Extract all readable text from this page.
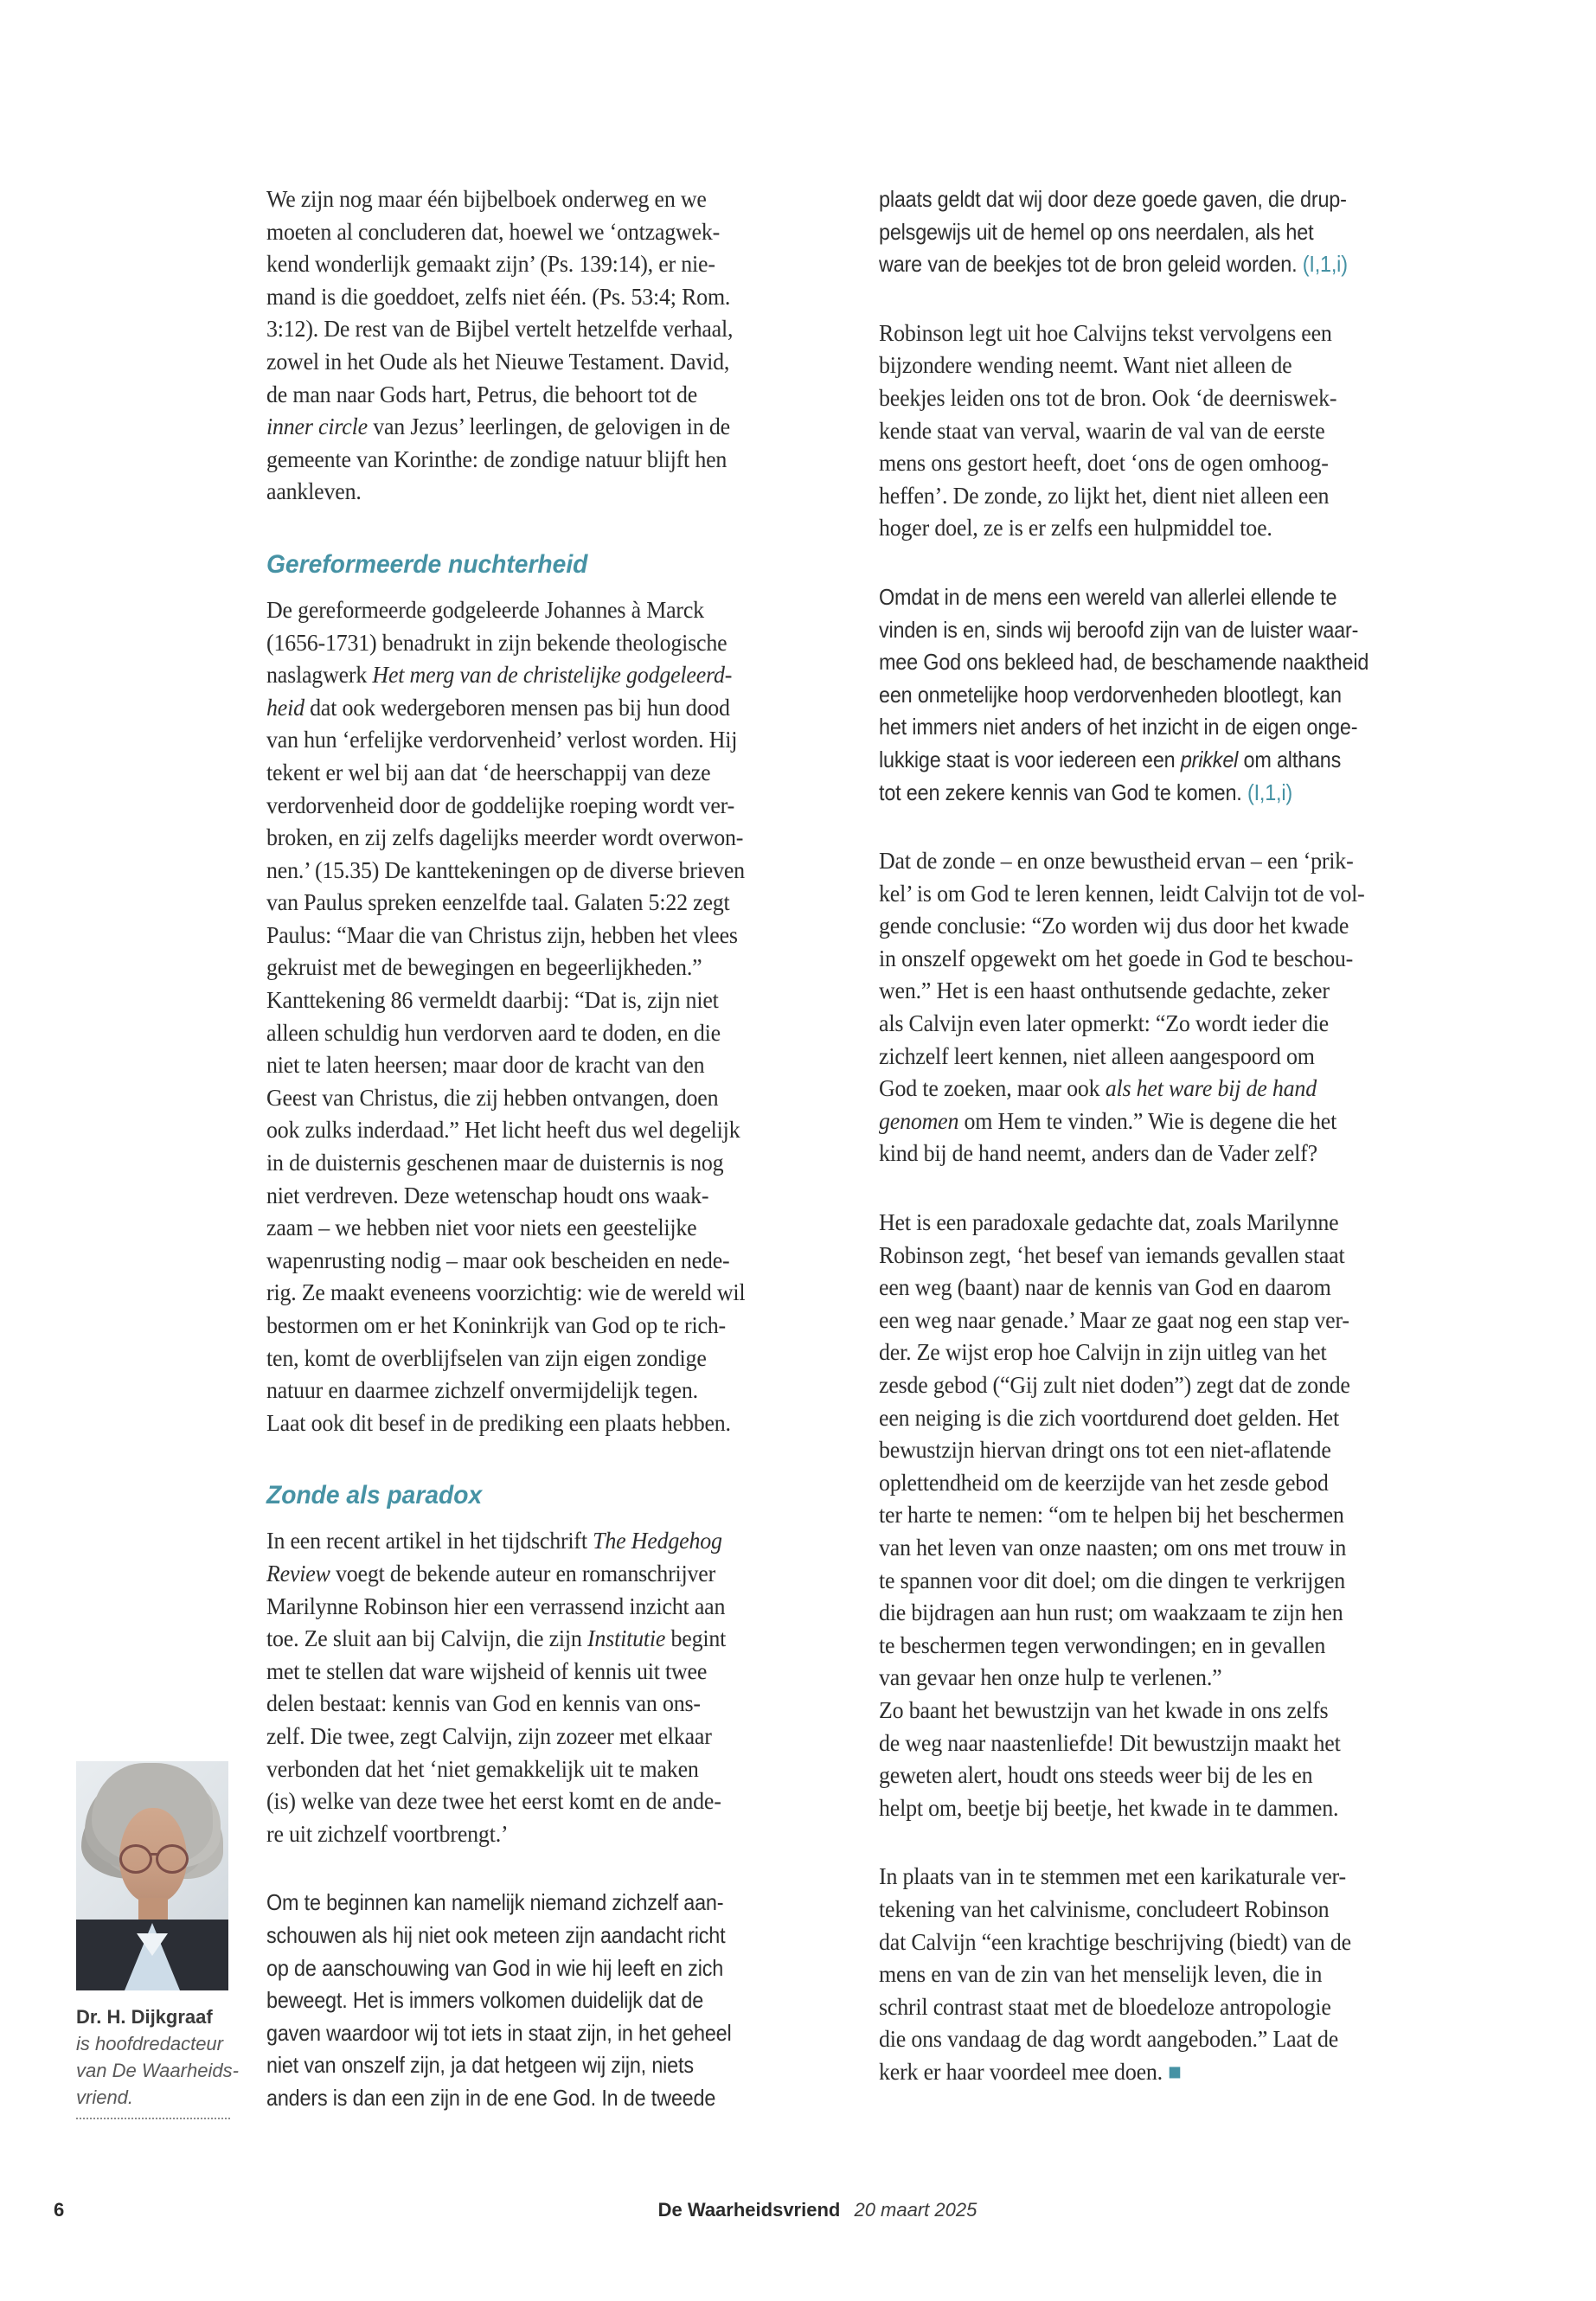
We zijn nog maar één bijbelboek onderweg en we
moeten al concluderen dat, hoewel we ‘ontzagwek-
kend wonderlijk gemaakt zijn’ (Ps. 139:14), er nie-
mand is die goeddoet, zelfs niet één. (Ps. 53:4; Rom.
3:12). De rest van de Bijbel vertelt hetzelfde verhaal,
zowel in het Oude als het Nieuwe Testament. David,
de man naar Gods hart, Petrus, die behoort tot de
inner circle van Jezus’ leerlingen, de gelovigen in de
gemeente van Korinthe: de zondige natuur blijft hen
aankleven.
Gereformeerde nuchterheid
De gereformeerde godgeleerde Johannes à Marck
(1656-1731) benadrukt in zijn bekende theologische
naslagwerk Het merg van de christelijke godgeleerd-
heid dat ook wedergeboren mensen pas bij hun dood
van hun ‘erfelijke verdorvenheid’ verlost worden. Hij
tekent er wel bij aan dat ‘de heerschappij van deze
verdorvenheid door de goddelijke roeping wordt ver-
broken, en zij zelfs dagelijks meerder wordt overwon-
nen.’ (15.35) De kanttekeningen op de diverse brieven
van Paulus spreken eenzelfde taal. Galaten 5:22 zegt
Paulus: “Maar die van Christus zijn, hebben het vlees
gekruist met de bewegingen en begeerlijkheden.”
Kanttekening 86 vermeldt daarbij: “Dat is, zijn niet
alleen schuldig hun verdorven aard te doden, en die
niet te laten heersen; maar door de kracht van den
Geest van Christus, die zij hebben ontvangen, doen
ook zulks inderdaad.” Het licht heeft dus wel degelijk
in de duisternis geschenen maar de duisternis is nog
niet verdreven. Deze wetenschap houdt ons waak-
zaam – we hebben niet voor niets een geestelijke
wapenrusting nodig – maar ook bescheiden en nede-
rig. Ze maakt eveneens voorzichtig: wie de wereld wil
bestormen om er het Koninkrijk van God op te rich-
ten, komt de overblijfselen van zijn eigen zondige
natuur en daarmee zichzelf onvermijdelijk tegen.
Laat ook dit besef in de prediking een plaats hebben.
Zonde als paradox
In een recent artikel in het tijdschrift The Hedgehog
Review voegt de bekende auteur en romanschrijver
Marilynne Robinson hier een verrassend inzicht aan
toe. Ze sluit aan bij Calvijn, die zijn Institutie begint
met te stellen dat ware wijsheid of kennis uit twee
delen bestaat: kennis van God en kennis van ons-
zelf. Die twee, zegt Calvijn, zijn zozeer met elkaar
verbonden dat het ‘niet gemakkelijk uit te maken
(is) welke van deze twee het eerst komt en de ande-
re uit zichzelf voortbrengt.’
Om te beginnen kan namelijk niemand zichzelf aan-
schouwen als hij niet ook meteen zijn aandacht richt
op de aanschouwing van God in wie hij leeft en zich
beweegt. Het is immers volkomen duidelijk dat de
gaven waardoor wij tot iets in staat zijn, in het geheel
niet van onszelf zijn, ja dat hetgeen wij zijn, niets
anders is dan een zijn in de ene God. In de tweede
plaats geldt dat wij door deze goede gaven, die drup-
pelsgewijs uit de hemel op ons neerdalen, als het
ware van de beekjes tot de bron geleid worden. (I,1,i)
Robinson legt uit hoe Calvijns tekst vervolgens een
bijzondere wending neemt. Want niet alleen de
beekjes leiden ons tot de bron. Ook ‘de deerniswek-
kende staat van verval, waarin de val van de eerste
mens ons gestort heeft, doet ‘ons de ogen omhoog-
heffen’. De zonde, zo lijkt het, dient niet alleen een
hoger doel, ze is er zelfs een hulpmiddel toe.
Omdat in de mens een wereld van allerlei ellende te
vinden is en, sinds wij beroofd zijn van de luister waar-
mee God ons bekleed had, de beschamende naaktheid
een onmetelijke hoop verdorvenheden blootlegt, kan
het immers niet anders of het inzicht in de eigen onge-
lukkige staat is voor iedereen een prikkel om althans
tot een zekere kennis van God te komen. (I,1,i)
Dat de zonde – en onze bewustheid ervan – een ‘prik-
kel’ is om God te leren kennen, leidt Calvijn tot de vol-
gende conclusie: “Zo worden wij dus door het kwade
in onszelf opgewekt om het goede in God te beschou-
wen.” Het is een haast onthutsende gedachte, zeker
als Calvijn even later opmerkt: “Zo wordt ieder die
zichzelf leert kennen, niet alleen aangespoord om
God te zoeken, maar ook als het ware bij de hand
genomen om Hem te vinden.” Wie is degene die het
kind bij de hand neemt, anders dan de Vader zelf?
Het is een paradoxale gedachte dat, zoals Marilynne
Robinson zegt, ‘het besef van iemands gevallen staat
een weg (baant) naar de kennis van God en daarom
een weg naar genade.’ Maar ze gaat nog een stap ver-
der. Ze wijst erop hoe Calvijn in zijn uitleg van het
zesde gebod (“Gij zult niet doden”) zegt dat de zonde
een neiging is die zich voortdurend doet gelden. Het
bewustzijn hiervan dringt ons tot een niet-aflatende
oplettendheid om de keerzijde van het zesde gebod
ter harte te nemen: “om te helpen bij het beschermen
van het leven van onze naasten; om ons met trouw in
te spannen voor dit doel; om die dingen te verkrijgen
die bijdragen aan hun rust; om waakzaam te zijn hen
te beschermen tegen verwondingen; en in gevallen
van gevaar hen onze hulp te verlenen.”
Zo baant het bewustzijn van het kwade in ons zelfs
de weg naar naastenliefde! Dit bewustzijn maakt het
geweten alert, houdt ons steeds weer bij de les en
helpt om, beetje bij beetje, het kwade in te dammen.
In plaats van in te stemmen met een karikaturale ver-
tekening van het calvinisme, concludeert Robinson
dat Calvijn “een krachtige beschrijving (biedt) van de
mens en van de zin van het menselijk leven, die in
schril contrast staat met de bloedeloze antropologie
die ons vandaag de dag wordt aangeboden.” Laat de
kerk er haar voordeel mee doen. ■
Dr. H. Dijkgraaf
is hoofdredacteur
van De Waarheids-
vriend.
6	De Waarheidsvriend 20 maart 2025
